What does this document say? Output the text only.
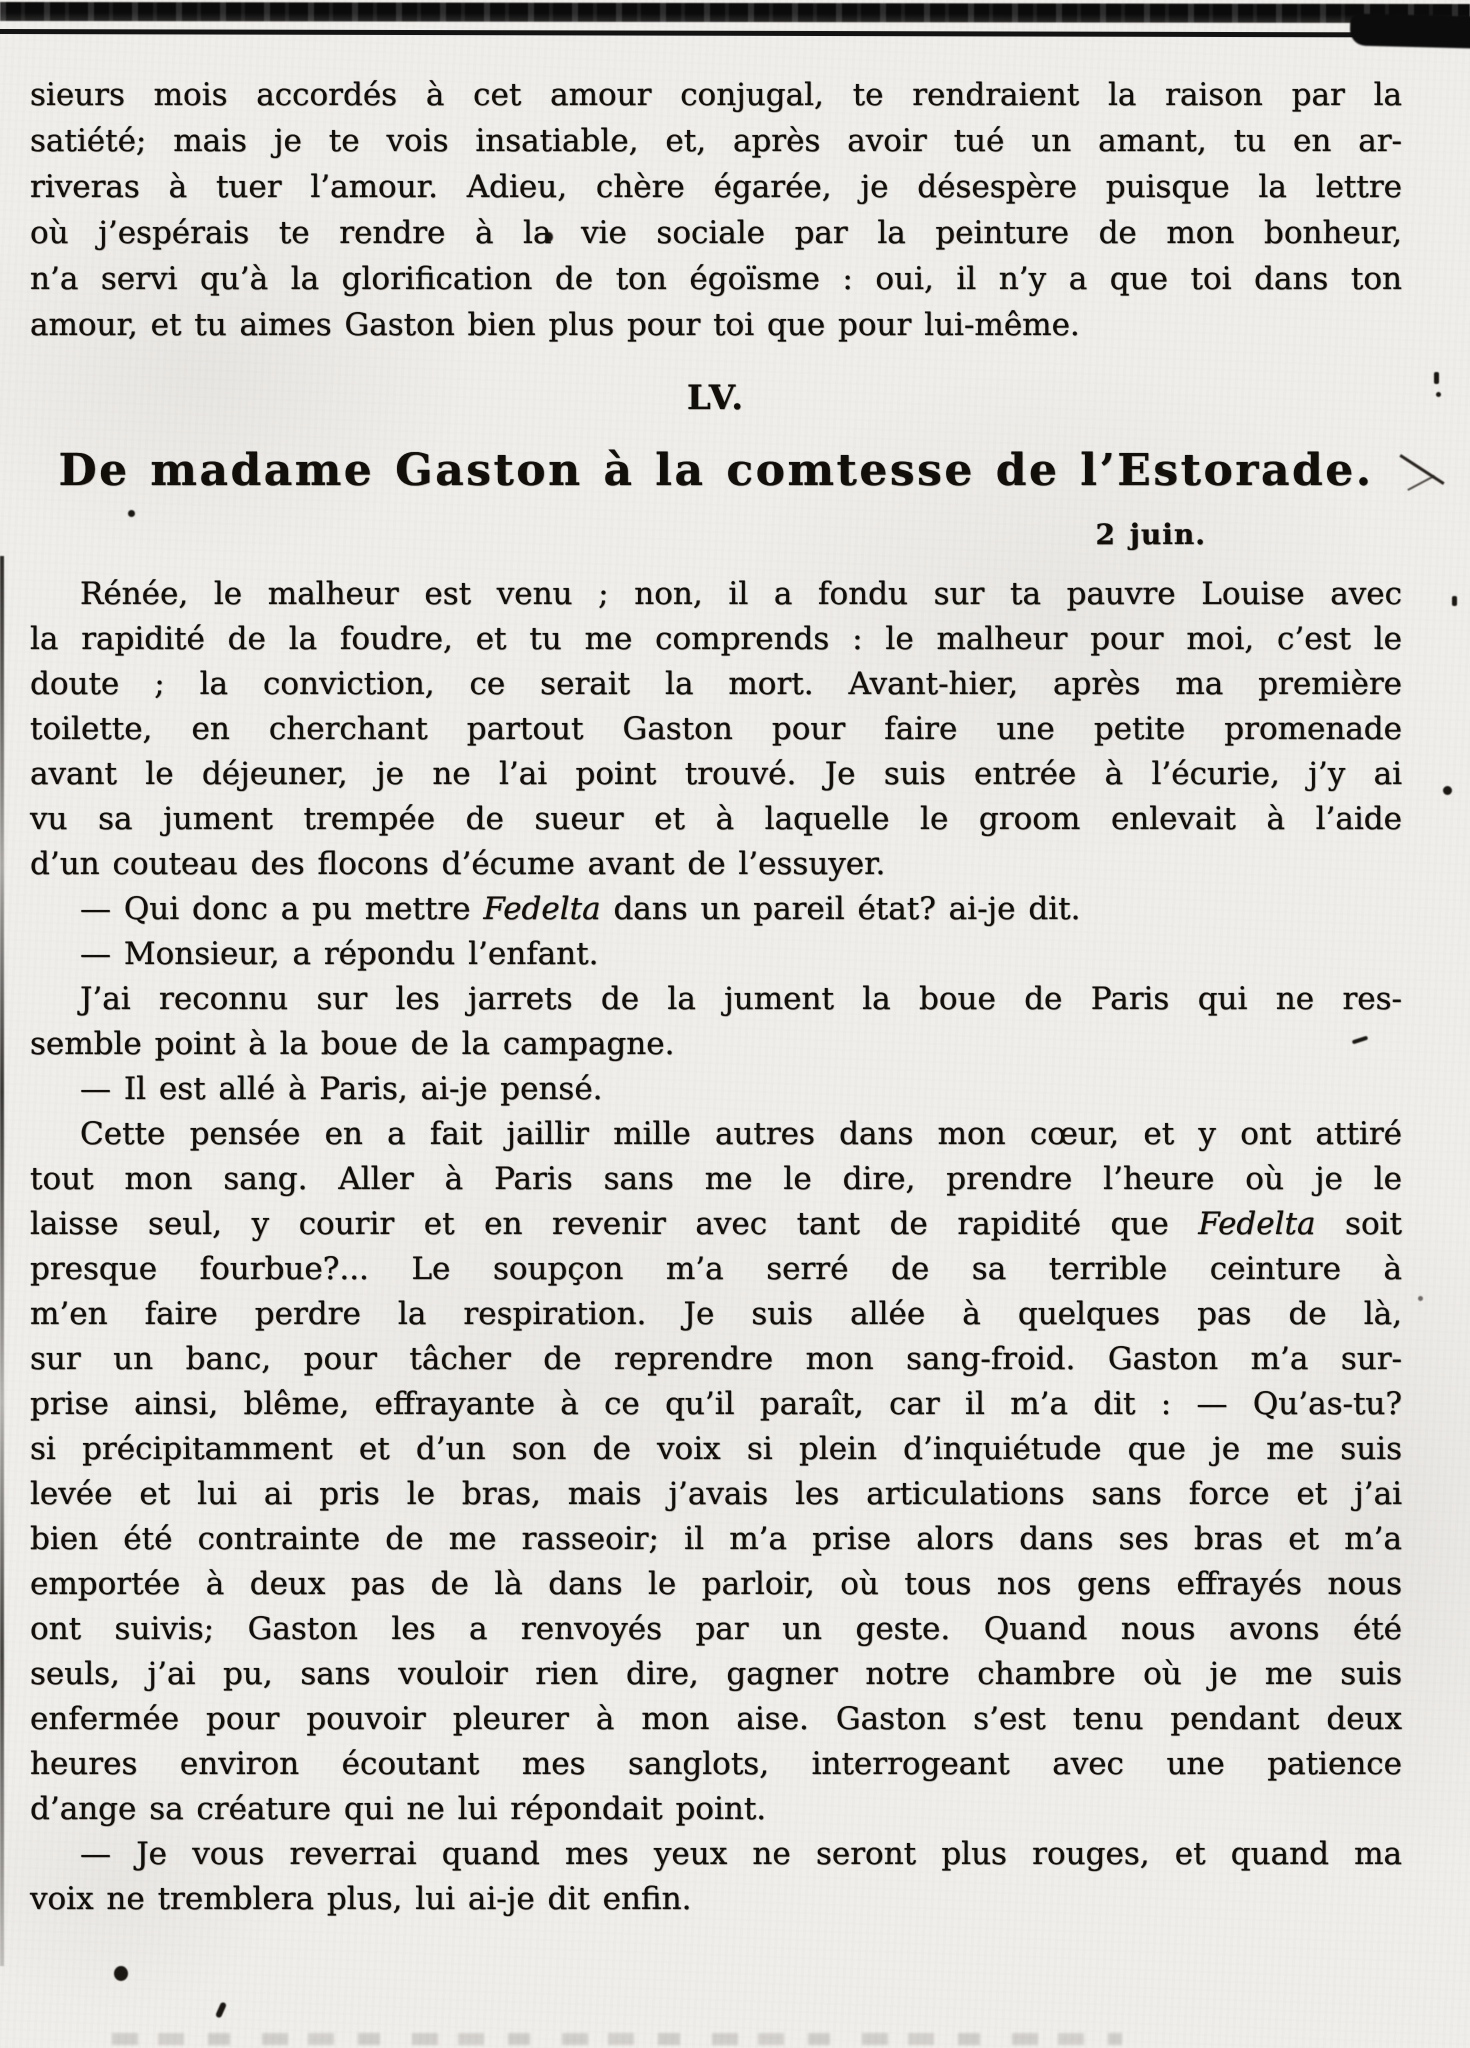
sieurs mois accordés à cet amour conjugal, te rendraient la raison par la
satiété; mais je te vois insatiable, et, après avoir tué un amant, tu en ar-
riveras à tuer l’amour. Adieu, chère égarée, je désespère puisque la lettre
où j’espérais te rendre à la vie sociale par la peinture de mon bonheur,
n’a servi qu’à la glorification de ton égoïsme : oui, il n’y a que toi dans ton
amour, et tu aimes Gaston bien plus pour toi que pour lui-même.
LV.
De madame Gaston à la comtesse de l’Estorade.
2 juin.
Rénée, le malheur est venu ; non, il a fondu sur ta pauvre Louise avec
la rapidité de la foudre, et tu me comprends : le malheur pour moi, c’est le
doute ; la conviction, ce serait la mort. Avant-hier, après ma première
toilette, en cherchant partout Gaston pour faire une petite promenade
avant le déjeuner, je ne l’ai point trouvé. Je suis entrée à l’écurie, j’y ai
vu sa jument trempée de sueur et à laquelle le groom enlevait à l’aide
d’un couteau des flocons d’écume avant de l’essuyer.
— Qui donc a pu mettre Fedelta dans un pareil état? ai-je dit.
— Monsieur, a répondu l’enfant.
J’ai reconnu sur les jarrets de la jument la boue de Paris qui ne res-
semble point à la boue de la campagne.
— Il est allé à Paris, ai-je pensé.
Cette pensée en a fait jaillir mille autres dans mon cœur, et y ont attiré
tout mon sang. Aller à Paris sans me le dire, prendre l’heure où je le
laisse seul, y courir et en revenir avec tant de rapidité que Fedelta soit
presque fourbue?... Le soupçon m’a serré de sa terrible ceinture à
m’en faire perdre la respiration. Je suis allée à quelques pas de là,
sur un banc, pour tâcher de reprendre mon sang-froid. Gaston m’a sur-
prise ainsi, blême, effrayante à ce qu’il paraît, car il m’a dit : — Qu’as-tu?
si précipitamment et d’un son de voix si plein d’inquiétude que je me suis
levée et lui ai pris le bras, mais j’avais les articulations sans force et j’ai
bien été contrainte de me rasseoir; il m’a prise alors dans ses bras et m’a
emportée à deux pas de là dans le parloir, où tous nos gens effrayés nous
ont suivis; Gaston les a renvoyés par un geste. Quand nous avons été
seuls, j’ai pu, sans vouloir rien dire, gagner notre chambre où je me suis
enfermée pour pouvoir pleurer à mon aise. Gaston s’est tenu pendant deux
heures environ écoutant mes sanglots, interrogeant avec une patience
d’ange sa créature qui ne lui répondait point.
— Je vous reverrai quand mes yeux ne seront plus rouges, et quand ma
voix ne tremblera plus, lui ai-je dit enfin.
